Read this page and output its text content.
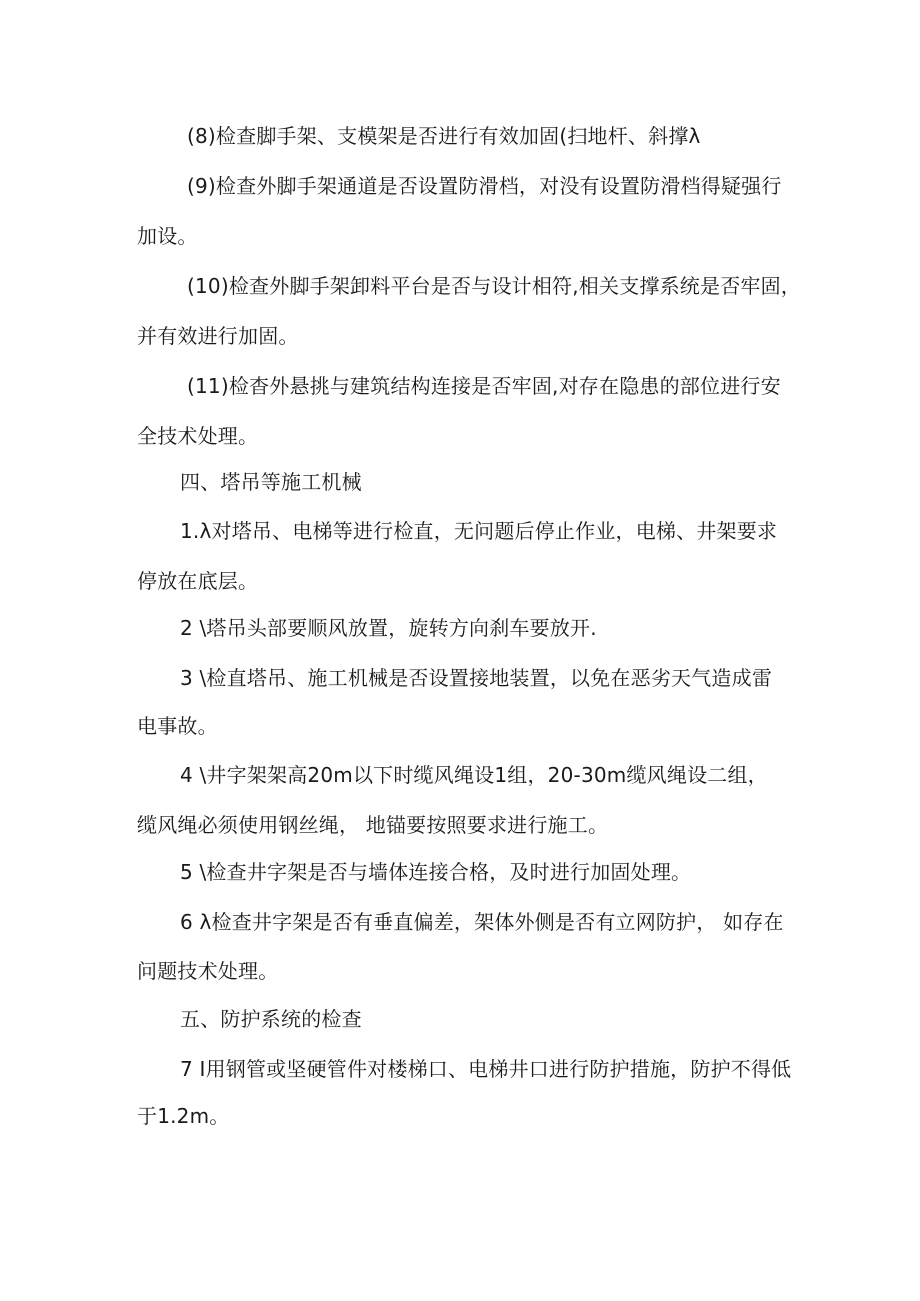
(8)检查脚手架、支模架是否进行有效加固(扫地杆、斜撑λ
(9)检查外脚手架通道是否设置防滑档，对没有设置防滑档得疑强行
加设。
(10)检查外脚手架卸料平台是否与设计相符,相关支撑系统是否牢固，
并有效进行加固。
(11)检杳外悬挑与建筑结构连接是否牢固,对存在隐患的部位进行安
全技术处理。
四、塔吊等施工机械
1.λ对塔吊、电梯等进行检直，无问题后停止作业，电梯、井架要求
停放在底层。
2 \塔吊头部要顺风放置，旋转方向刹车要放开.
3 \检直塔吊、施工机械是否设置接地装置，以免在恶劣天气造成雷
电事故。
4 \井字架架高20m以下时缆风绳设1组，20-30m缆风绳设二组，
缆风绳必须使用钢丝绳， 地锚要按照要求进行施工。
5 \检查井字架是否与墙体连接合格，及时进行加固处理。
6 λ检查井字架是否有垂直偏差，架体外侧是否有立网防护， 如存在
问题技术处理。
五、防护系统的检查
7 I用钢管或坚硬管件对楼梯口、电梯井口进行防护措施，防护不得低
于1.2m。
